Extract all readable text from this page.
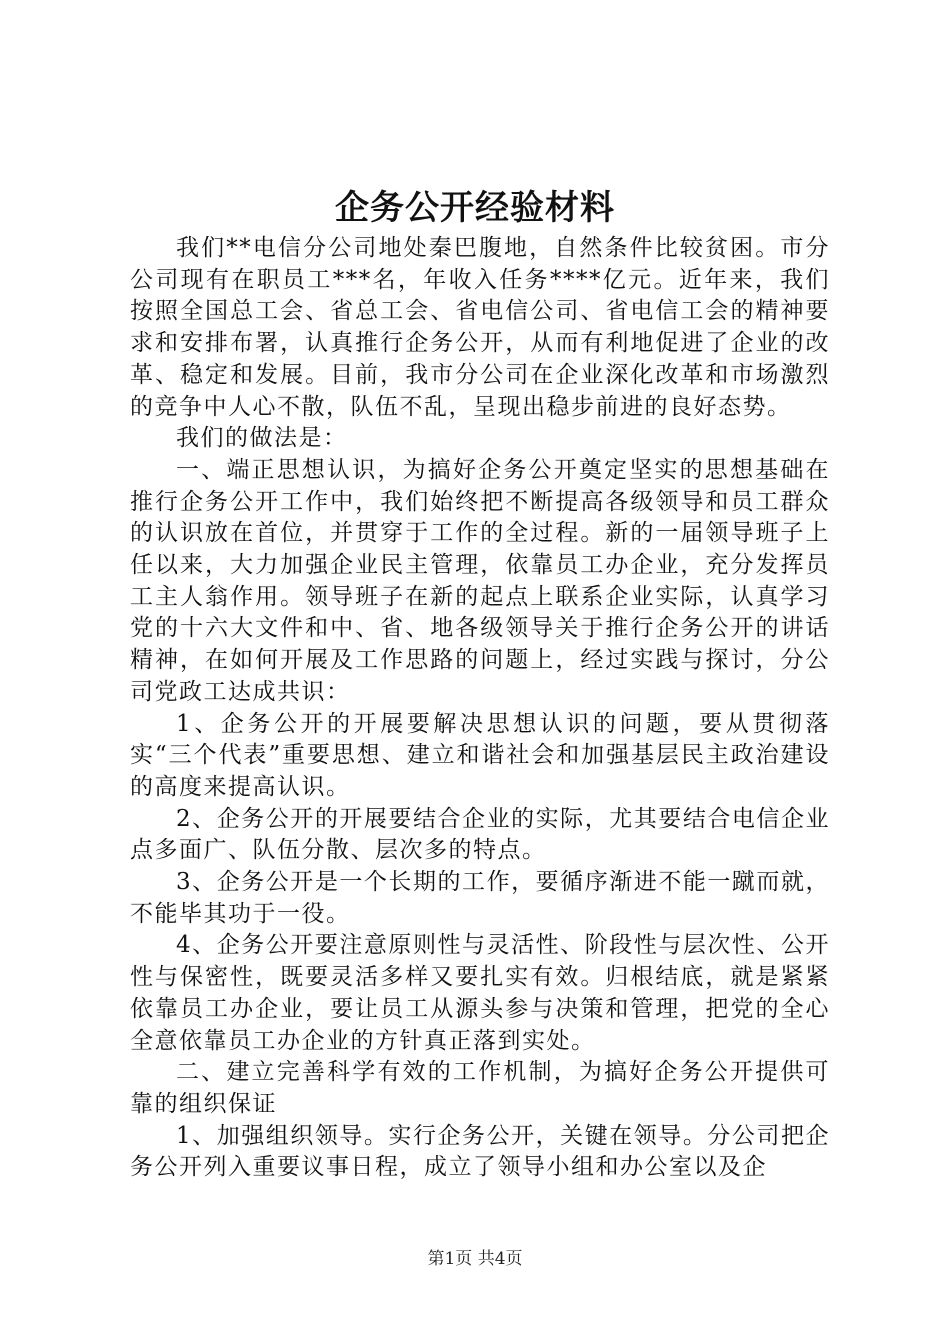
企务公开经验材料

我们**电信分公司地处秦巴腹地，自然条件比较贫困。市分公司现有在职员工***名，年收入任务****亿元。近年来，我们按照全国总工会、省总工会、省电信公司、省电信工会的精神要求和安排布署，认真推行企务公开，从而有利地促进了企业的改革、稳定和发展。目前，我市分公司在企业深化改革和市场激烈的竞争中人心不散，队伍不乱，呈现出稳步前进的良好态势。

我们的做法是：

一、端正思想认识，为搞好企务公开奠定坚实的思想基础在推行企务公开工作中，我们始终把不断提高各级领导和员工群众的认识放在首位，并贯穿于工作的全过程。新的一届领导班子上任以来，大力加强企业民主管理，依靠员工办企业，充分发挥员工主人翁作用。领导班子在新的起点上联系企业实际，认真学习党的十六大文件和中、省、地各级领导关于推行企务公开的讲话精神，在如何开展及工作思路的问题上，经过实践与探讨，分公司党政工达成共识：

1、企务公开的开展要解决思想认识的问题，要从贯彻落实“三个代表”重要思想、建立和谐社会和加强基层民主政治建设的高度来提高认识。

2、企务公开的开展要结合企业的实际，尤其要结合电信企业点多面广、队伍分散、层次多的特点。

3、企务公开是一个长期的工作，要循序渐进不能一蹴而就，不能毕其功于一役。

4、企务公开要注意原则性与灵活性、阶段性与层次性、公开性与保密性，既要灵活多样又要扎实有效。归根结底，就是紧紧依靠员工办企业，要让员工从源头参与决策和管理，把党的全心全意依靠员工办企业的方针真正落到实处。

二、建立完善科学有效的工作机制，为搞好企务公开提供可靠的组织保证

1、加强组织领导。实行企务公开，关键在领导。分公司把企务公开列入重要议事日程，成立了领导小组和办公室以及企

第1页 共4页
